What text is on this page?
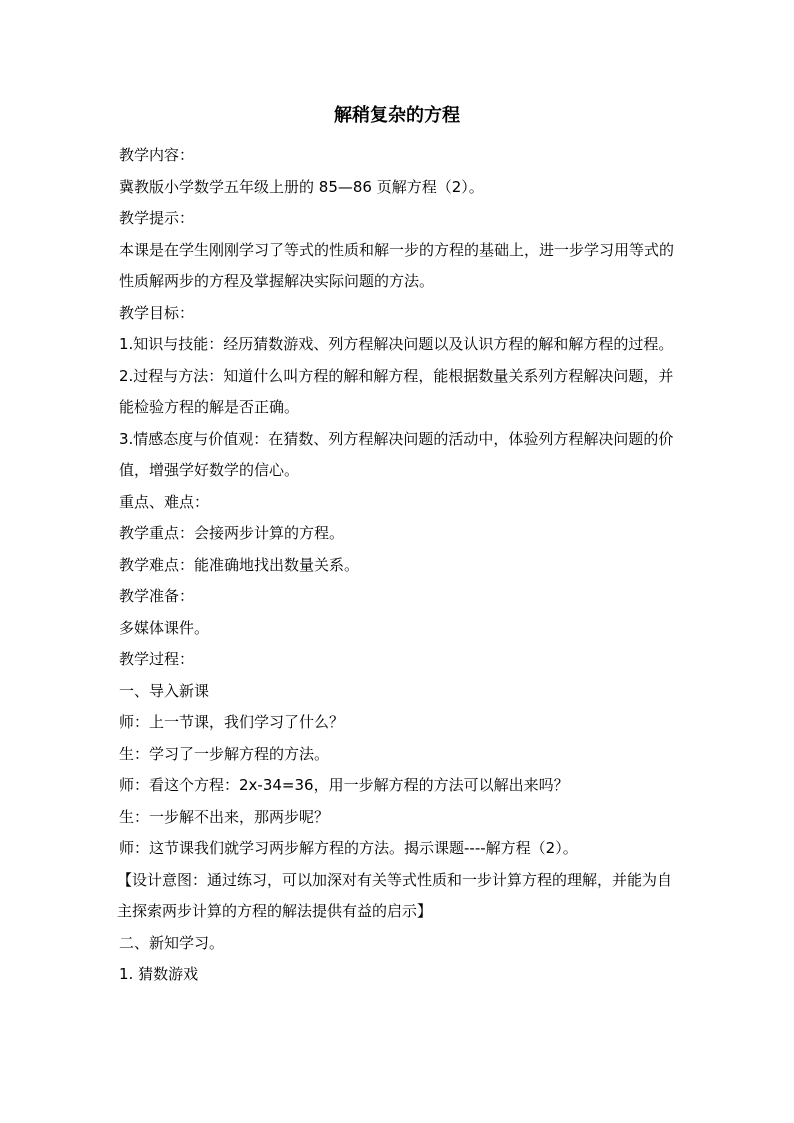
解稍复杂的方程

教学内容：

冀教版小学数学五年级上册的 85—86 页解方程（2）。

教学提示：

本课是在学生刚刚学习了等式的性质和解一步的方程的基础上，进一步学习用等式的性质解两步的方程及掌握解决实际问题的方法。

教学目标：

1.知识与技能：经历猜数游戏、列方程解决问题以及认识方程的解和解方程的过程。

2.过程与方法：知道什么叫方程的解和解方程，能根据数量关系列方程解决问题，并能检验方程的解是否正确。

3.情感态度与价值观：在猜数、列方程解决问题的活动中，体验列方程解决问题的价值，增强学好数学的信心。

重点、难点：

教学重点：会接两步计算的方程。

教学难点：能准确地找出数量关系。

教学准备：

多媒体课件。

教学过程：

一、导入新课

师：上一节课，我们学习了什么？

生：学习了一步解方程的方法。

师：看这个方程：2x-34=36，用一步解方程的方法可以解出来吗？

生：一步解不出来，那两步呢？

师：这节课我们就学习两步解方程的方法。揭示课题----解方程（2）。

【设计意图：通过练习，可以加深对有关等式性质和一步计算方程的理解，并能为自主探索两步计算的方程的解法提供有益的启示】

二、新知学习。

1. 猜数游戏
